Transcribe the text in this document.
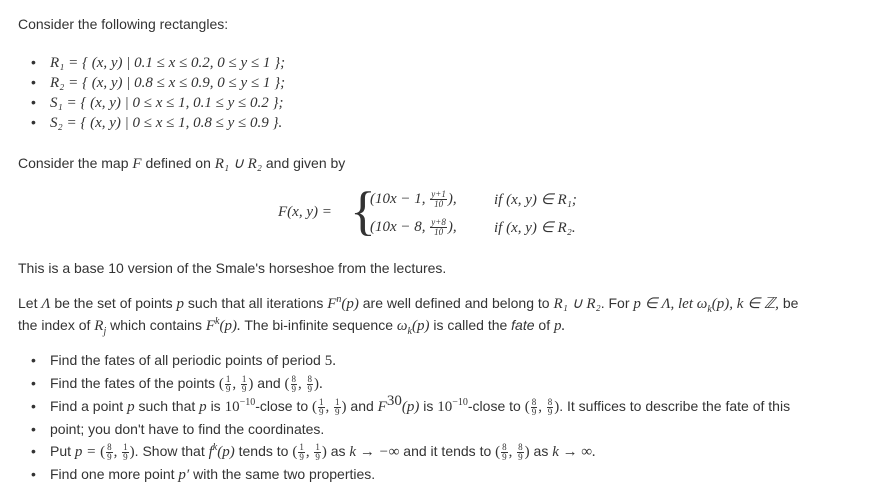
Consider the following rectangles:
• R₁ = { (x, y) | 0.1 ≤ x ≤ 0.2, 0 ≤ y ≤ 1 };
• R₂ = { (x, y) | 0.8 ≤ x ≤ 0.9, 0 ≤ y ≤ 1 };
• S₁ = { (x, y) | 0 ≤ x ≤ 1, 0.1 ≤ y ≤ 0.2 };
• S₂ = { (x, y) | 0 ≤ x ≤ 1, 0.8 ≤ y ≤ 0.9 }.
Consider the map F defined on R₁ ∪ R₂ and given by
F(x, y) = {
(10x − 1, $\frac{y+1}{10}$ ), if (x, y) ∈ R₁;
(10x − 8, $\frac{y+8}{10}$ ), if (x, y) ∈ R₂.
This is a base 10 version of the Smale's horseshoe from the lectures.
Let Λ be the set of points p such that all iterations $F^n(p)$ are well defined and belong to R₁ ∪ R₂. For p ∈ Λ, let $\omega_k(p)$, k ∈ ℤ, be
the index of $R_j$ which contains $F^k(p)$. The bi-infinite sequence $\omega_k(p)$ is called the fate of p.
• Find the fates of all periodic points of period 5.
• Find the fates of the points ( $\frac{1}{9}$ , $\frac{1}{9}$ ) and ( $\frac{8}{9}$ , $\frac{8}{9}$ ).
• Find a point p such that p is $10^{-10}$-close to ( $\frac{1}{9}$ , $\frac{1}{9}$ ) and $F^{30}(p)$ is $10^{-10}$-close to ( $\frac{8}{9}$ , $\frac{8}{9}$ ). It suffices to describe the fate of this
• point; you don't have to find the coordinates.
• Put p = ( $\frac{8}{9}$ , $\frac{1}{9}$ ). Show that $f^k(p)$ tends to ( $\frac{1}{9}$ , $\frac{1}{9}$ ) as k → −∞ and it tends to ( $\frac{8}{9}$ , $\frac{8}{9}$ ) as k → ∞.
• Find one more point p′ with the same two properties.
